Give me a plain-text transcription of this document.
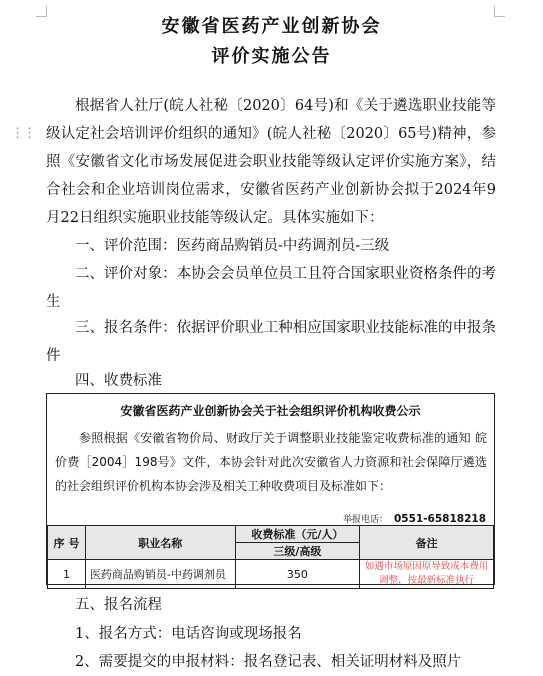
⋮⋮
安徽省医药产业创新协会
评价实施公告

根据省人社厅(皖人社秘〔2020〕64号)和《关于遴选职业技能等级认定社会培训评价组织的通知》(皖人社秘〔2020〕65号)精神，参照《安徽省文化市场发展促进会职业技能等级认定评价实施方案》，结合社会和企业培训岗位需求，安徽省医药产业创新协会拟于2024年9月22日组织实施职业技能等级认定。具体实施如下：

一、评价范围：医药商品购销员-中药调剂员-三级
二、评价对象：本协会会员单位员工且符合国家职业资格条件的考生
三、报名条件：依据评价职业工种相应国家职业技能标准的申报条件
四、收费标准
安徽省医药产业创新协会关于社会组织评价机构收费公示
参照根据《安徽省物价局、财政厅关于调整职业技能鉴定收费标准的通知 皖价费［2004］198号》文件，本协会针对此次安徽省人力资源和社会保障厅遴选的社会组织评价机构本协会涉及相关工种收费项目及标准如下：
举报电话： 0551-65818218
序 号	职业名称	收费标准（元/人）	备注
		三级/高级	
1	医药商品购销员-中药调剂员	350	如遇市场原因原导致成本费用调整，按最新标准执行
五、报名流程
1、报名方式：电话咨询或现场报名
2、需要提交的申报材料：报名登记表、相关证明材料及照片
